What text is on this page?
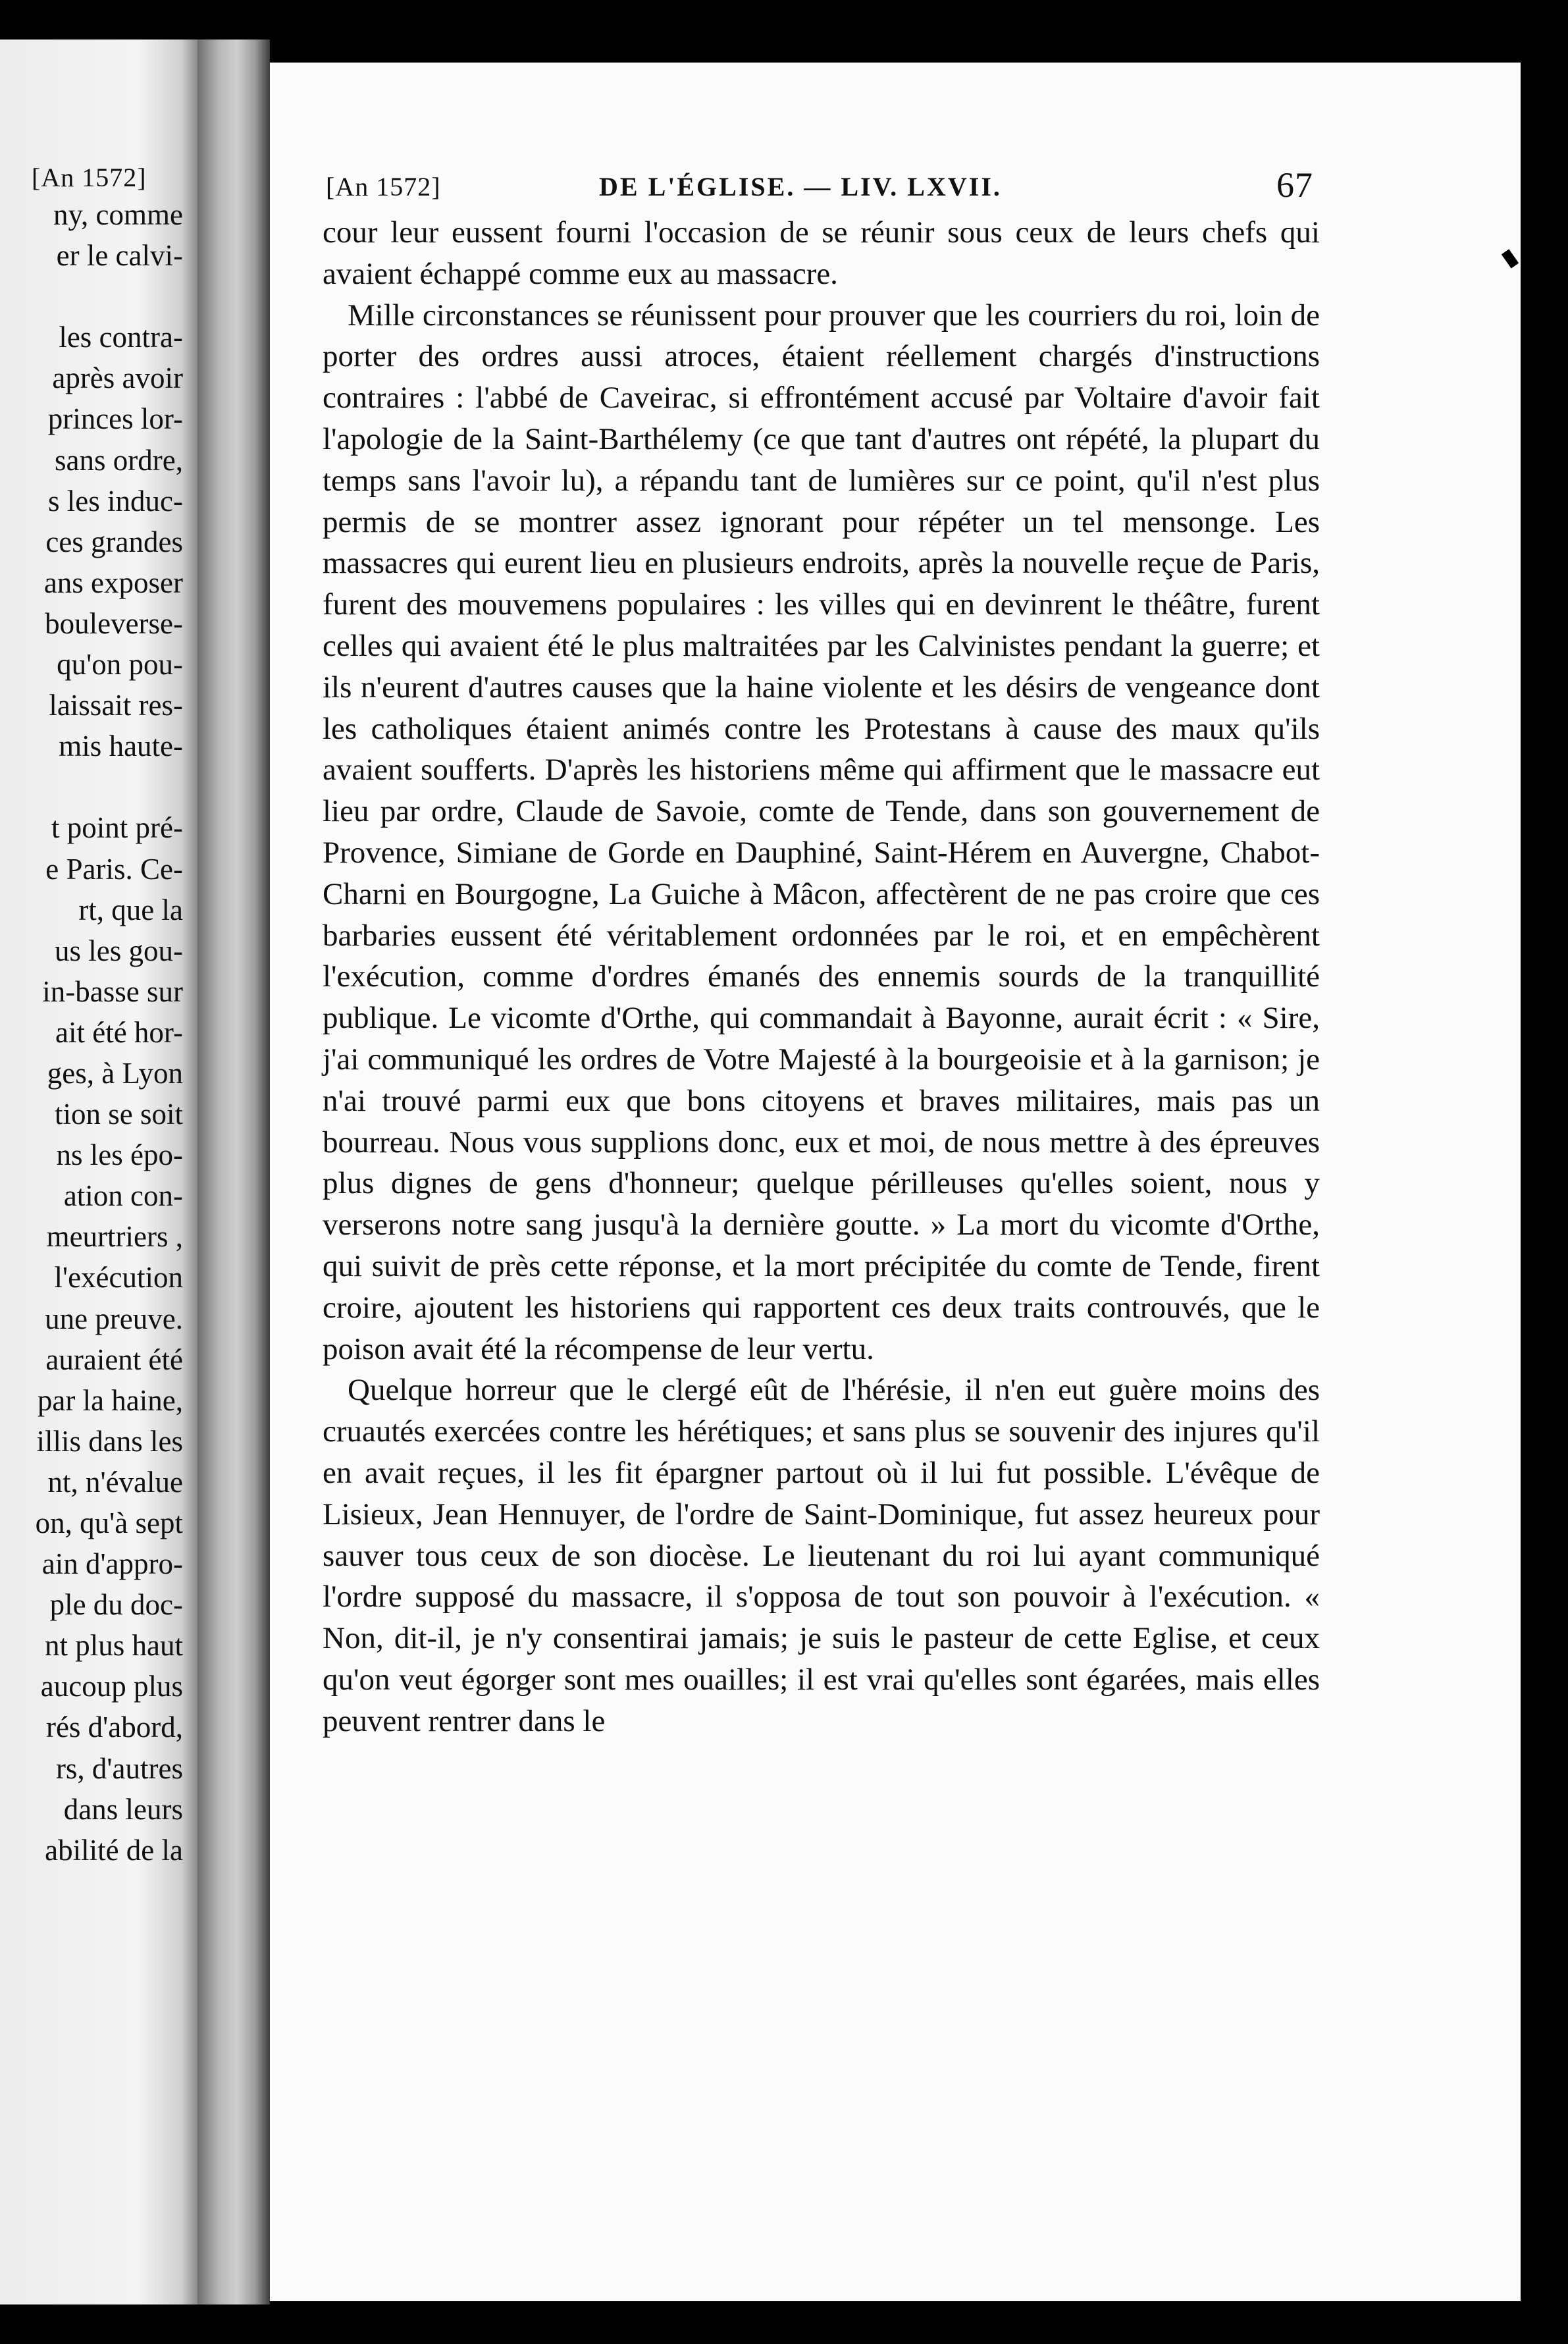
[An 1572]
ny, comme
er le calvi-

les contra-
après avoir
princes lor-
sans ordre,
s les induc-
ces grandes
ans exposer
bouleverse-
qu'on pou-
laissait res-
mis haute-

t point pré-
e Paris. Ce-
rt, que la
us les gou-
in-basse sur
ait été hor-
ges, à Lyon
tion se soit
ns les épo-
ation con-
meurtriers ,
l'exécution
une preuve.
auraient été
par la haine,
illis dans les
nt, n'évalue
on, qu'à sept
ain d'appro-
ple du doc-
nt plus haut
aucoup plus
rés d'abord,
rs, d'autres
dans leurs
abilité de la
[An 1572]	DE L'ÉGLISE. — LIV. LXVII.	67

cour leur eussent fourni l'occasion de se réunir sous ceux de leurs chefs qui avaient échappé comme eux au massacre.

Mille circonstances se réunissent pour prouver que les courriers du roi, loin de porter des ordres aussi atroces, étaient réellement chargés d'instructions contraires : l'abbé de Caveirac, si effrontément accusé par Voltaire d'avoir fait l'apologie de la Saint-Barthélemy (ce que tant d'autres ont répété, la plupart du temps sans l'avoir lu), a répandu tant de lumières sur ce point, qu'il n'est plus permis de se montrer assez ignorant pour répéter un tel mensonge. Les massacres qui eurent lieu en plusieurs endroits, après la nouvelle reçue de Paris, furent des mouvemens populaires : les villes qui en devinrent le théâtre, furent celles qui avaient été le plus maltraitées par les Calvinistes pendant la guerre; et ils n'eurent d'autres causes que la haine violente et les désirs de vengeance dont les catholiques étaient animés contre les Protestans à cause des maux qu'ils avaient soufferts. D'après les historiens même qui affirment que le massacre eut lieu par ordre, Claude de Savoie, comte de Tende, dans son gouvernement de Provence, Simiane de Gorde en Dauphiné, Saint-Hérem en Auvergne, Chabot-Charni en Bourgogne, La Guiche à Mâcon, affectèrent de ne pas croire que ces barbaries eussent été véritablement ordonnées par le roi, et en empêchèrent l'exécution, comme d'ordres émanés des ennemis sourds de la tranquillité publique. Le vicomte d'Orthe, qui commandait à Bayonne, aurait écrit : « Sire, j'ai communiqué les ordres de Votre Majesté à la bourgeoisie et à la garnison; je n'ai trouvé parmi eux que bons citoyens et braves militaires, mais pas un bourreau. Nous vous supplions donc, eux et moi, de nous mettre à des épreuves plus dignes de gens d'honneur; quelque périlleuses qu'elles soient, nous y verserons notre sang jusqu'à la dernière goutte. » La mort du vicomte d'Orthe, qui suivit de près cette réponse, et la mort précipitée du comte de Tende, firent croire, ajoutent les historiens qui rapportent ces deux traits controuvés, que le poison avait été la récompense de leur vertu.

Quelque horreur que le clergé eût de l'hérésie, il n'en eut guère moins des cruautés exercées contre les hérétiques; et sans plus se souvenir des injures qu'il en avait reçues, il les fit épargner partout où il lui fut possible. L'évêque de Lisieux, Jean Hennuyer, de l'ordre de Saint-Dominique, fut assez heureux pour sauver tous ceux de son diocèse. Le lieutenant du roi lui ayant communiqué l'ordre supposé du massacre, il s'opposa de tout son pouvoir à l'exécution. « Non, dit-il, je n'y consentirai jamais; je suis le pasteur de cette Eglise, et ceux qu'on veut égorger sont mes ouailles; il est vrai qu'elles sont égarées, mais elles peuvent rentrer dans le
